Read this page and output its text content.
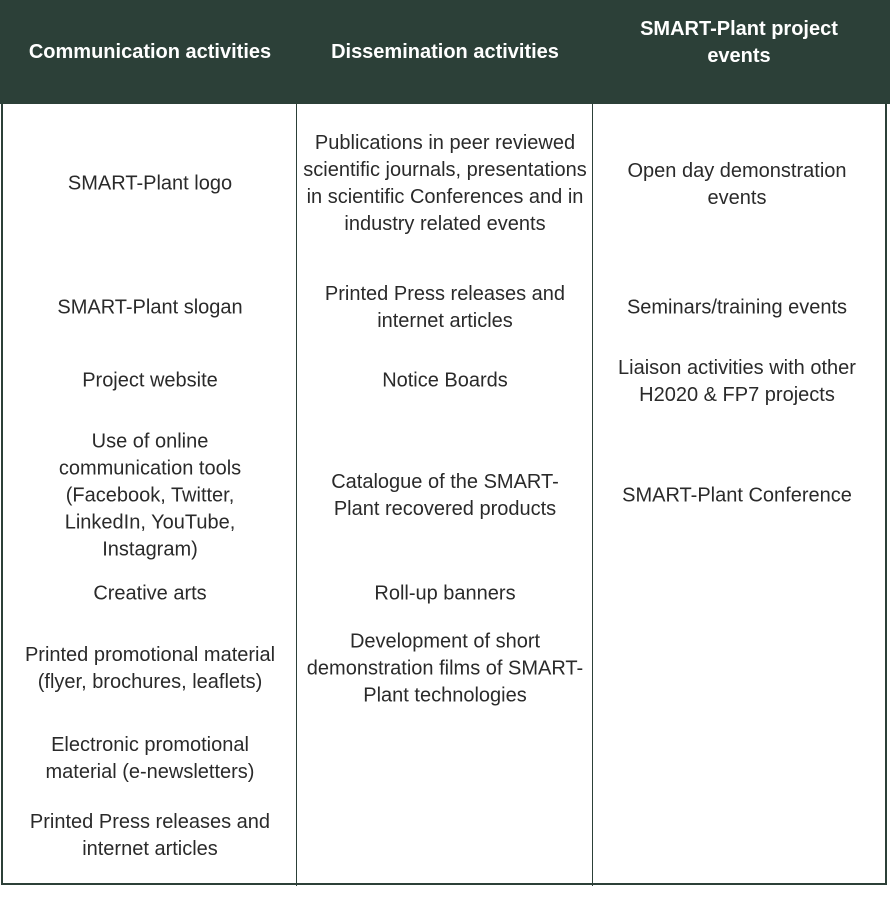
Communication activities	Dissemination activities
SMART-Plant project events
SMART-Plant logo
SMART-Plant slogan
Project website
Use of online communication tools (Facebook, Twitter, LinkedIn, YouTube, Instagram)
Creative arts
Printed promotional material (flyer, brochures, leaflets)
Electronic promotional material (e-newsletters)
Printed Press releases and internet articles
Publications in peer reviewed scientific journals, presentations in scientific Conferences and in industry related events
Printed Press releases and internet articles
Notice Boards
Catalogue of the SMART-Plant recovered products
Roll-up banners
Development of short demonstration films of SMART-Plant technologies
Open day demonstration events
Seminars/training events
Liaison activities with other H2020 & FP7 projects
SMART-Plant Conference
